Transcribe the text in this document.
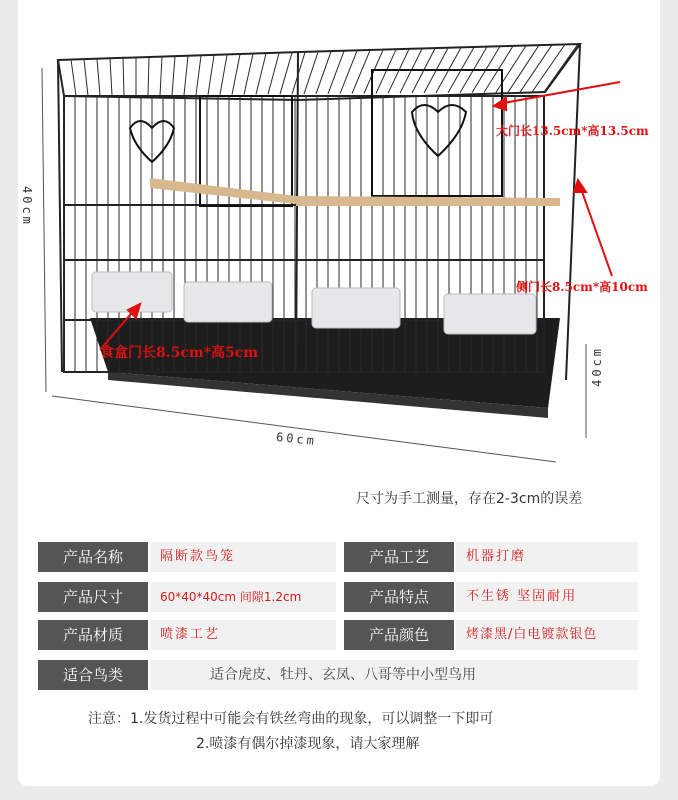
40cm
60cm
40cm
大门长13.5cm*高13.5cm
侧门长8.5cm*高10cm
食盒门长8.5cm*高5cm
尺寸为手工测量，存在2-3cm的误差
产品名称	隔断款鸟笼	产品工艺	机器打磨
产品尺寸	60*40*40cm 间隙1.2cm	产品特点	不生锈 坚固耐用
产品材质	喷漆工艺	产品颜色	烤漆黑/白电镀款银色
适合鸟类	适合虎皮、牡丹、玄凤、八哥等中小型鸟用
注意：1.发货过程中可能会有铁丝弯曲的现象，可以调整一下即可
2.喷漆有偶尔掉漆现象，请大家理解
